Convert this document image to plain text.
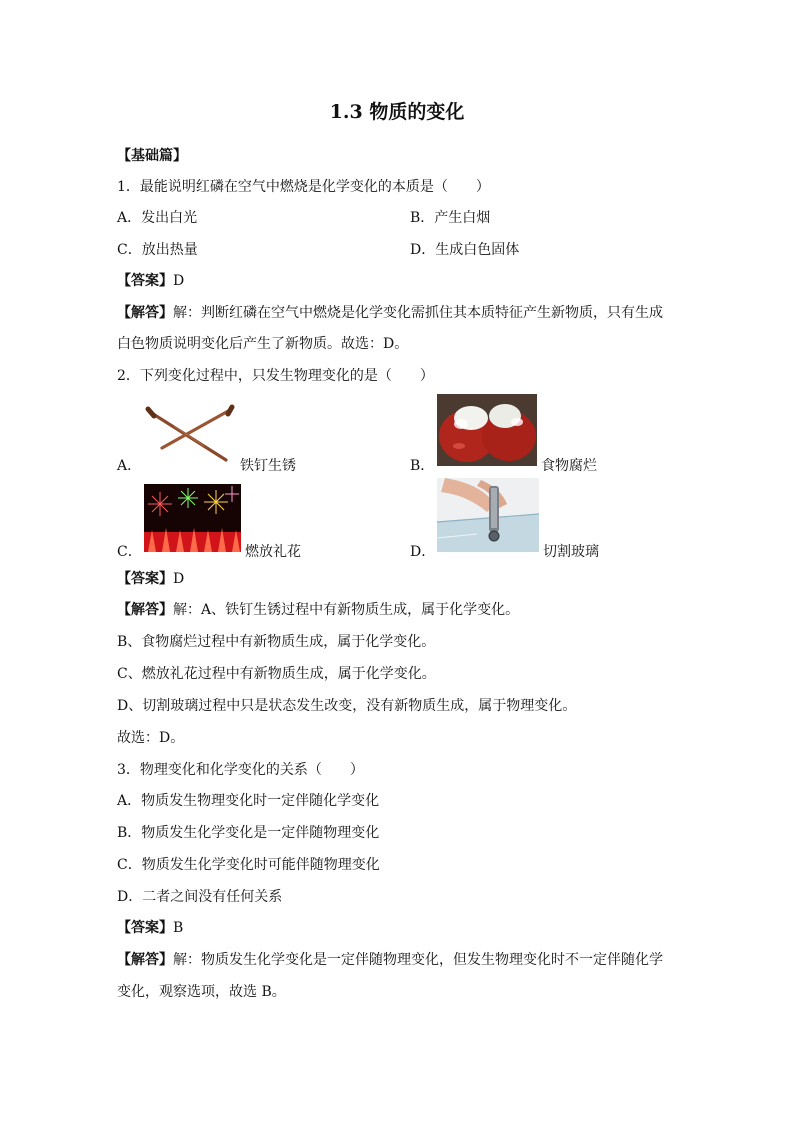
1.3 物质的变化
【基础篇】
1．最能说明红磷在空气中燃烧是化学变化的本质是（　　）
A．发出白光	B．产生白烟
C．放出热量	D．生成白色固体
【答案】D
【解答】解：判断红磷在空气中燃烧是化学变化需抓住其本质特征产生新物质，只有生成
白色物质说明变化后产生了新物质。故选：D。
2．下列变化过程中，只发生物理变化的是（　　）
A．	铁钉生锈	B．	食物腐烂
C．	燃放礼花	D．	切割玻璃
【答案】D
【解答】解：A、铁钉生锈过程中有新物质生成，属于化学变化。
B、食物腐烂过程中有新物质生成，属于化学变化。
C、燃放礼花过程中有新物质生成，属于化学变化。
D、切割玻璃过程中只是状态发生改变，没有新物质生成，属于物理变化。
故选：D。
3．物理变化和化学变化的关系（　　）
A．物质发生物理变化时一定伴随化学变化
B．物质发生化学变化是一定伴随物理变化
C．物质发生化学变化时可能伴随物理变化
D．二者之间没有任何关系
【答案】B
【解答】解：物质发生化学变化是一定伴随物理变化，但发生物理变化时不一定伴随化学
变化，观察选项，故选 B。
